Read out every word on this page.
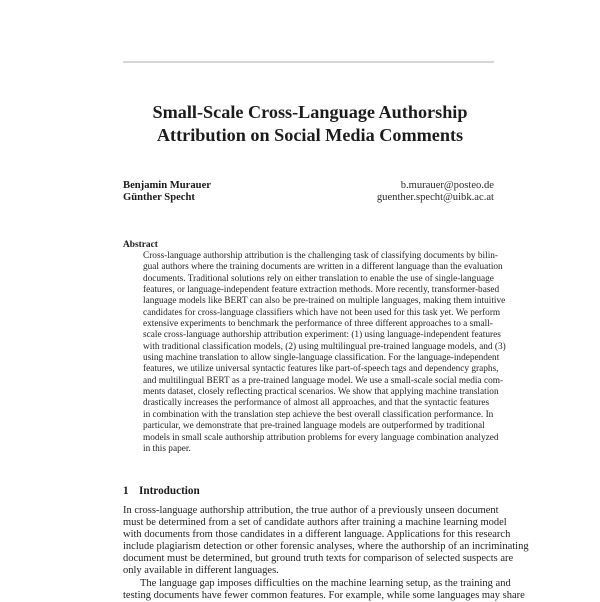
Small-Scale Cross-Language Authorship
Attribution on Social Media Comments
Benjamin Murauer	b.murauer@posteo.de
Günther Specht	guenther.specht@uibk.ac.at
Abstract
Cross-language authorship attribution is the challenging task of classifying documents by bilin-
gual authors where the training documents are written in a different language than the evaluation
documents. Traditional solutions rely on either translation to enable the use of single-language
features, or language-independent feature extraction methods. More recently, transformer-based
language models like BERT can also be pre-trained on multiple languages, making them intuitive
candidates for cross-language classifiers which have not been used for this task yet. We perform
extensive experiments to benchmark the performance of three different approaches to a small-
scale cross-language authorship attribution experiment: (1) using language-independent features
with traditional classification models, (2) using multilingual pre-trained language models, and (3)
using machine translation to allow single-language classification. For the language-independent
features, we utilize universal syntactic features like part-of-speech tags and dependency graphs,
and multilingual BERT as a pre-trained language model. We use a small-scale social media com-
ments dataset, closely reflecting practical scenarios. We show that applying machine translation
drastically increases the performance of almost all approaches, and that the syntactic features
in combination with the translation step achieve the best overall classification performance. In
particular, we demonstrate that pre-trained language models are outperformed by traditional
models in small scale authorship attribution problems for every language combination analyzed
in this paper.
1 Introduction
In cross-language authorship attribution, the true author of a previously unseen document
must be determined from a set of candidate authors after training a machine learning model
with documents from those candidates in a different language. Applications for this research
include plagiarism detection or other forensic analyses, where the authorship of an incriminating
document must be determined, but ground truth texts for comparison of selected suspects are
only available in different languages.
The language gap imposes difficulties on the machine learning setup, as the training and
testing documents have fewer common features. For example, while some languages may share
